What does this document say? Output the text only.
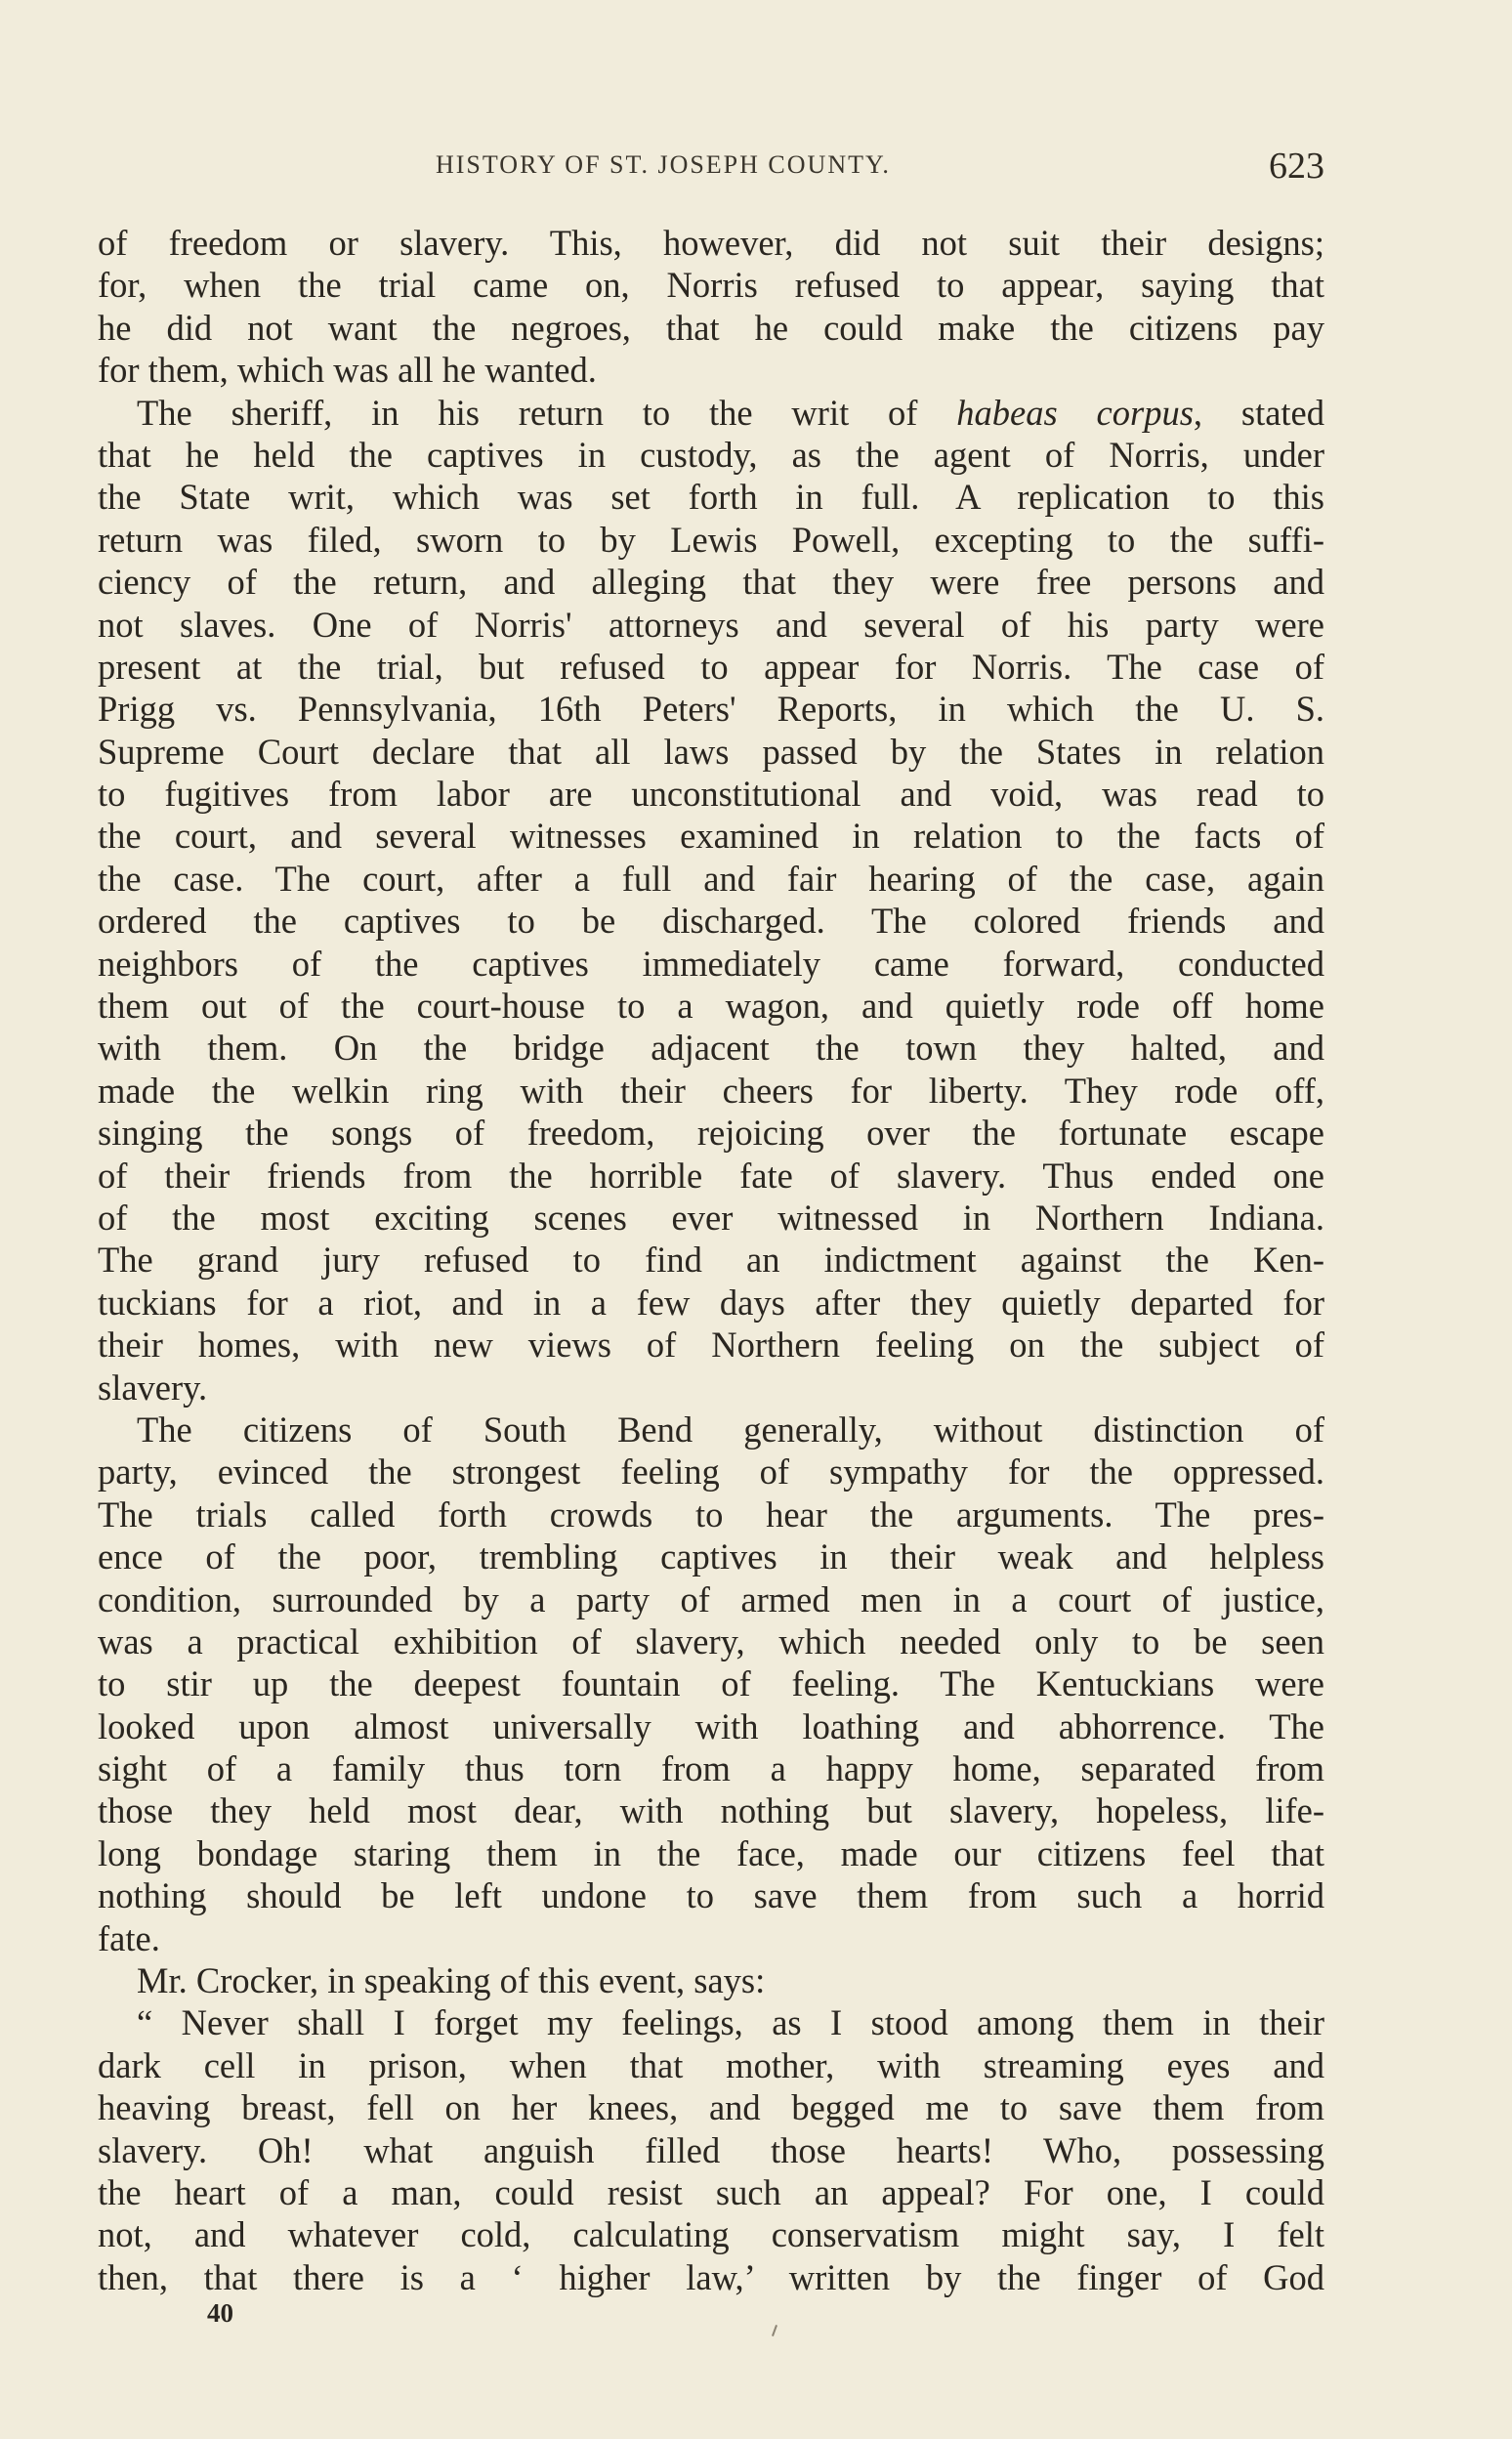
HISTORY OF ST. JOSEPH COUNTY.	623
of freedom or slavery. This, however, did not suit their designs;
for, when the trial came on, Norris refused to appear, saying that
he did not want the negroes, that he could make the citizens pay
for them, which was all he wanted.
The sheriff, in his return to the writ of habeas corpus, stated
that he held the captives in custody, as the agent of Norris, under
the State writ, which was set forth in full. A replication to this
return was filed, sworn to by Lewis Powell, excepting to the suffi-
ciency of the return, and alleging that they were free persons and
not slaves. One of Norris' attorneys and several of his party were
present at the trial, but refused to appear for Norris. The case of
Prigg vs. Pennsylvania, 16th Peters' Reports, in which the U. S.
Supreme Court declare that all laws passed by the States in relation
to fugitives from labor are unconstitutional and void, was read to
the court, and several witnesses examined in relation to the facts of
the case. The court, after a full and fair hearing of the case, again
ordered the captives to be discharged. The colored friends and
neighbors of the captives immediately came forward, conducted
them out of the court-house to a wagon, and quietly rode off home
with them. On the bridge adjacent the town they halted, and
made the welkin ring with their cheers for liberty. They rode off,
singing the songs of freedom, rejoicing over the fortunate escape
of their friends from the horrible fate of slavery. Thus ended one
of the most exciting scenes ever witnessed in Northern Indiana.
The grand jury refused to find an indictment against the Ken-
tuckians for a riot, and in a few days after they quietly departed for
their homes, with new views of Northern feeling on the subject of
slavery.
The citizens of South Bend generally, without distinction of
party, evinced the strongest feeling of sympathy for the oppressed.
The trials called forth crowds to hear the arguments. The pres-
ence of the poor, trembling captives in their weak and helpless
condition, surrounded by a party of armed men in a court of justice,
was a practical exhibition of slavery, which needed only to be seen
to stir up the deepest fountain of feeling. The Kentuckians were
looked upon almost universally with loathing and abhorrence. The
sight of a family thus torn from a happy home, separated from
those they held most dear, with nothing but slavery, hopeless, life-
long bondage staring them in the face, made our citizens feel that
nothing should be left undone to save them from such a horrid
fate.
Mr. Crocker, in speaking of this event, says:
“ Never shall I forget my feelings, as I stood among them in their
dark cell in prison, when that mother, with streaming eyes and
heaving breast, fell on her knees, and begged me to save them from
slavery. Oh! what anguish filled those hearts! Who, possessing
the heart of a man, could resist such an appeal? For one, I could
not, and whatever cold, calculating conservatism might say, I felt
then, that there is a ‘ higher law,’ written by the finger of God
40
